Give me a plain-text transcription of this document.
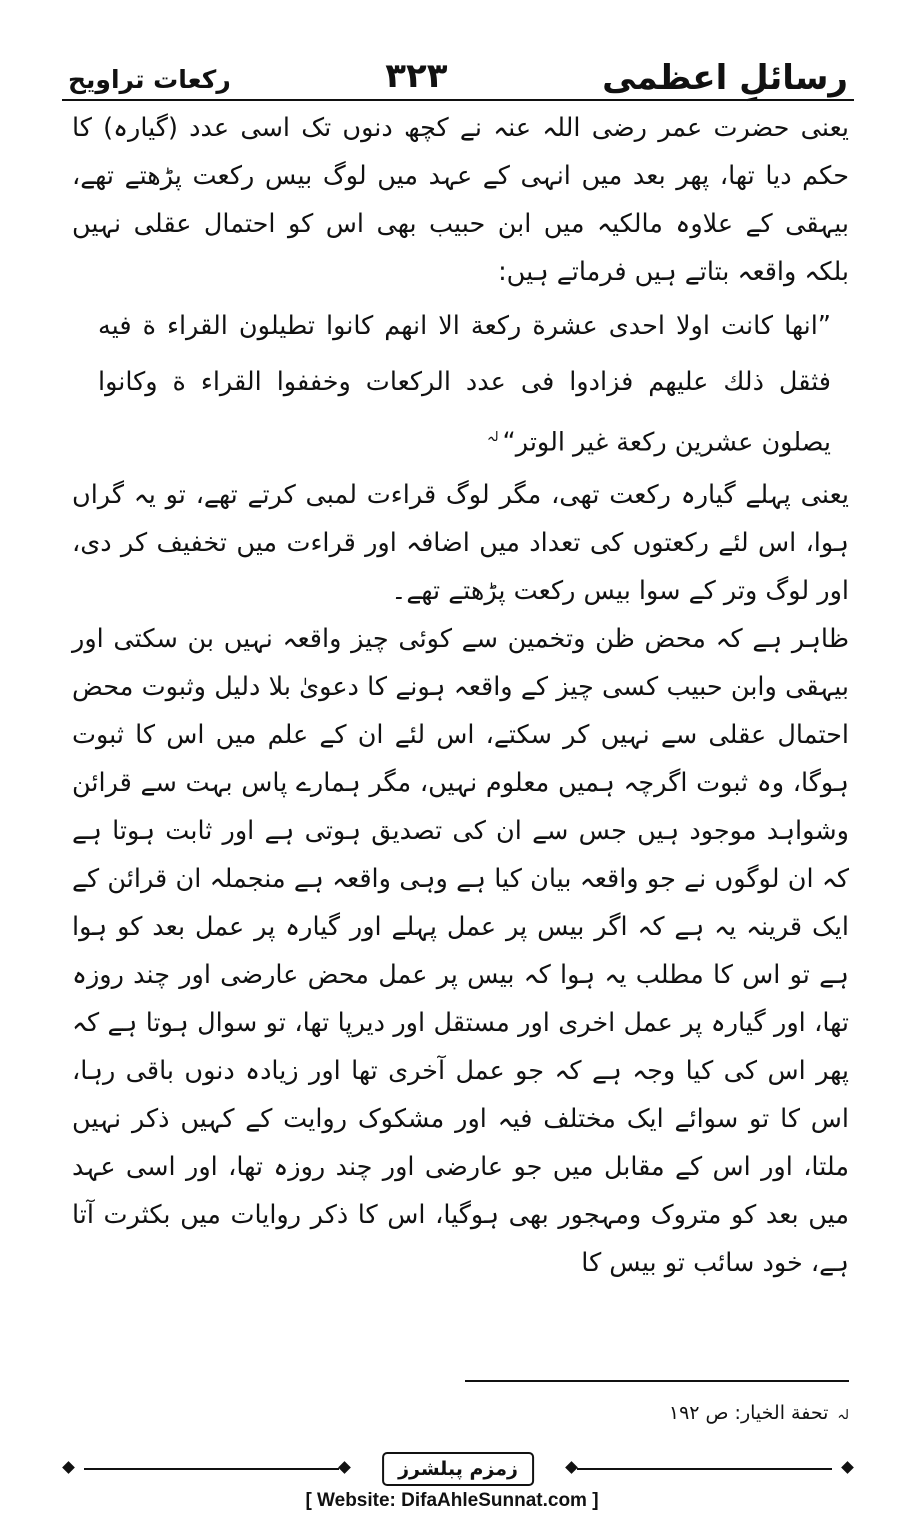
رکعات تراویح	۳۲۳	رسائلِ اعظمی

یعنی حضرت عمر رضی اللہ عنہ نے کچھ دنوں تک اسی عدد (گیارہ) کا حکم دیا تھا، پھر بعد میں انہی کے عہد میں لوگ بیس رکعت پڑھتے تھے، بیہقی کے علاوہ مالکیہ میں ابن حبیب بھی اس کو احتمال عقلی نہیں بلکہ واقعہ بتاتے ہیں فرماتے ہیں:

”انها كانت اولا احدى عشرة ركعة الا انهم كانوا تطيلون القراء ة فيه فثقل ذلك عليهم فزادوا فى عدد الركعات وخففوا القراء ة وكانوا يصلون عشرين ركعة غير الوتر“$^{لہ}$

یعنی پہلے گیارہ رکعت تھی، مگر لوگ قراءت لمبی کرتے تھے، تو یہ گراں ہوا، اس لئے رکعتوں کی تعداد میں اضافہ اور قراءت میں تخفیف کر دی، اور لوگ وتر کے سوا بیس رکعت پڑھتے تھے۔

ظاہر ہے کہ محض ظن وتخمین سے کوئی چیز واقعہ نہیں بن سکتی اور بیہقی وابن حبیب کسی چیز کے واقعہ ہونے کا دعویٰ بلا دلیل وثبوت محض احتمال عقلی سے نہیں کر سکتے، اس لئے ان کے علم میں اس کا ثبوت ہوگا، وہ ثبوت اگرچہ ہمیں معلوم نہیں، مگر ہمارے پاس بہت سے قرائن وشواہد موجود ہیں جس سے ان کی تصدیق ہوتی ہے اور ثابت ہوتا ہے کہ ان لوگوں نے جو واقعہ بیان کیا ہے وہی واقعہ ہے منجملہ ان قرائن کے ایک قرینہ یہ ہے کہ اگر بیس پر عمل پہلے اور گیارہ پر عمل بعد کو ہوا ہے تو اس کا مطلب یہ ہوا کہ بیس پر عمل محض عارضی اور چند روزہ تھا، اور گیارہ پر عمل اخری اور مستقل اور دیرپا تھا، تو سوال ہوتا ہے کہ پھر اس کی کیا وجہ ہے کہ جو عمل آخری تھا اور زیادہ دنوں باقی رہا، اس کا تو سوائے ایک مختلف فیہ اور مشکوک روایت کے کہیں ذکر نہیں ملتا، اور اس کے مقابل میں جو عارضی اور چند روزہ تھا، اور اسی عہد میں بعد کو متروک ومہجور بھی ہوگیا، اس کا ذکر روایات میں بکثرت آتا ہے، خود سائب تو بیس کا

لہ تحفة الخيار: ص ١٩٢
زمزم پبلشرز
[ Website: DifaAhleSunnat.com ]
